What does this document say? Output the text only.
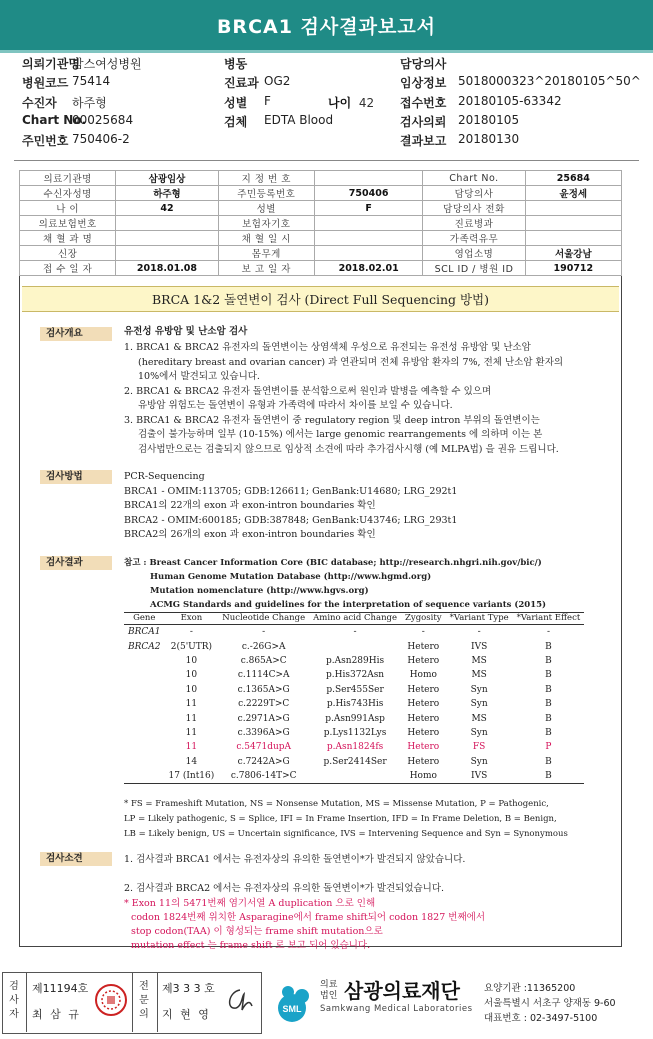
BRCA1 검사결과보고서
의뢰기관명
맘스여성병원
병원코드 75414
수진자 하주형
Chart No.
00025684
주민번호 750406-2
병동
진료과 OG2
성별 F
검체 EDTA Blood
담당의사
임상정보 5018000323^20180105^50^
접수번호 20180105-63342
검사의뢰 20180105
결과보고 20180130
나이 42
의료기관명	삼광임상	지 정 번 호		Chart No.	25684
수신자성명	하주형	주민등록번호	750406	담당의사	윤정세
나 이	42	성별	F	담당의사 전화	
의료보험번호		보험자기호		진료병과	
채 혈 과 명		채 혈 일 시		가족력유무	
신장		몸무게		영업소명	서울강남
접 수 일 자	2018.01.08	보 고 일 자	2018.02.01	SCL ID / 병원 ID	190712
BRCA 1&2 돌연변이 검사 (Direct Full Sequencing 방법)
검사개요	유전성 유방암 및 난소암 검사
1. BRCA1 & BRCA2 유전자의 돌연변이는 상염색체 우성으로 유전되는 유전성 유방암 및 난소암
(hereditary breast and ovarian cancer) 과 연관되며 전체 유방암 환자의 7%, 전체 난소암 환자의
10%에서 발견되고 있습니다.
2. BRCA1 & BRCA2 유전자 돌연변이를 분석함으로써 원인과 발병을 예측할 수 있으며
유방암 위험도는 돌연변이 유형과 가족력에 따라서 차이를 보일 수 있습니다.
3. BRCA1 & BRCA2 유전자 돌연변이 중 regulatory region 및 deep intron 부위의 돌연변이는
검출이 불가능하며 일부 (10-15%) 에서는 large genomic rearrangements 에 의하며 이는 본
검사법만으로는 검출되지 않으므로 임상적 소견에 따라 추가검사시행 (예 MLPA법) 을 권유 드립니다.
검사방법	PCR-Sequencing
BRCA1 - OMIM:113705; GDB:126611; GenBank:U14680; LRG_292t1
BRCA1의 22개의 exon 과 exon-intron boundaries 확인
BRCA2 - OMIM:600185; GDB:387848; GenBank:U43746; LRG_293t1
BRCA2의 26개의 exon 과 exon-intron boundaries 확인
검사결과	참고 : Breast Cancer Information Core (BIC database; http://research.nhgri.nih.gov/bic/)
Human Genome Mutation Database (http://www.hgmd.org)
Mutation nomenclature (http://www.hgvs.org)
ACMG Standards and guidelines for the interpretation of sequence variants (2015)
Gene	Exon	Nucleotide Change	Amino acid Change	Zygosity	*Variant Type	*Variant Effect
BRCA1	-	-	-	-	-	-
BRCA2	2(5'UTR)	c.-26G>A		Hetero	IVS	B
	10	c.865A>C	p.Asn289His	Hetero	MS	B
	10	c.1114C>A	p.His372Asn	Homo	MS	B
	10	c.1365A>G	p.Ser455Ser	Hetero	Syn	B
	11	c.2229T>C	p.His743His	Hetero	Syn	B
	11	c.2971A>G	p.Asn991Asp	Hetero	MS	B
	11	c.3396A>G	p.Lys1132Lys	Hetero	Syn	B
	11	c.5471dupA	p.Asn1824fs	Hetero	FS	P
	14	c.7242A>G	p.Ser2414Ser	Hetero	Syn	B
	17 (Int16)	c.7806-14T>C		Homo	IVS	B
* FS = Frameshift Mutation, NS = Nonsense Mutation, MS = Missense Mutation, P = Pathogenic,
LP = Likely pathogenic, S = Splice, IFI = In Frame Insertion, IFD = In Frame Deletion, B = Benign,
LB = Likely benign, US = Uncertain significance, IVS = Intervening Sequence and Syn = Synonymous
검사소견	1. 검사결과 BRCA1 에서는 유전자상의 유의한 돌연변이*가 발견되지 않았습니다.
2. 검사결과 BRCA2 에서는 유전자상의 유의한 돌연변이*가 발견되었습니다.
* Exon 11의 5471번째 염기서열 A duplication 으로 인해
codon 1824번째 위치한 Asparagine에서 frame shift되어 codon 1827 번째에서
stop codon(TAA) 이 형성되는 frame shift mutation으로
mutation effect 는 frame shift 로 보고 되어 있습니다.
검사자
제11194호
최 삼 규
전문의
제3 3 3 호
지 현 영	SML
의료법인 삼광의료재단
Samkwang Medical Laboratories
요양기관 :11365200
서울특별시 서초구 양재동 9-60
대표번호 : 02-3497-5100
